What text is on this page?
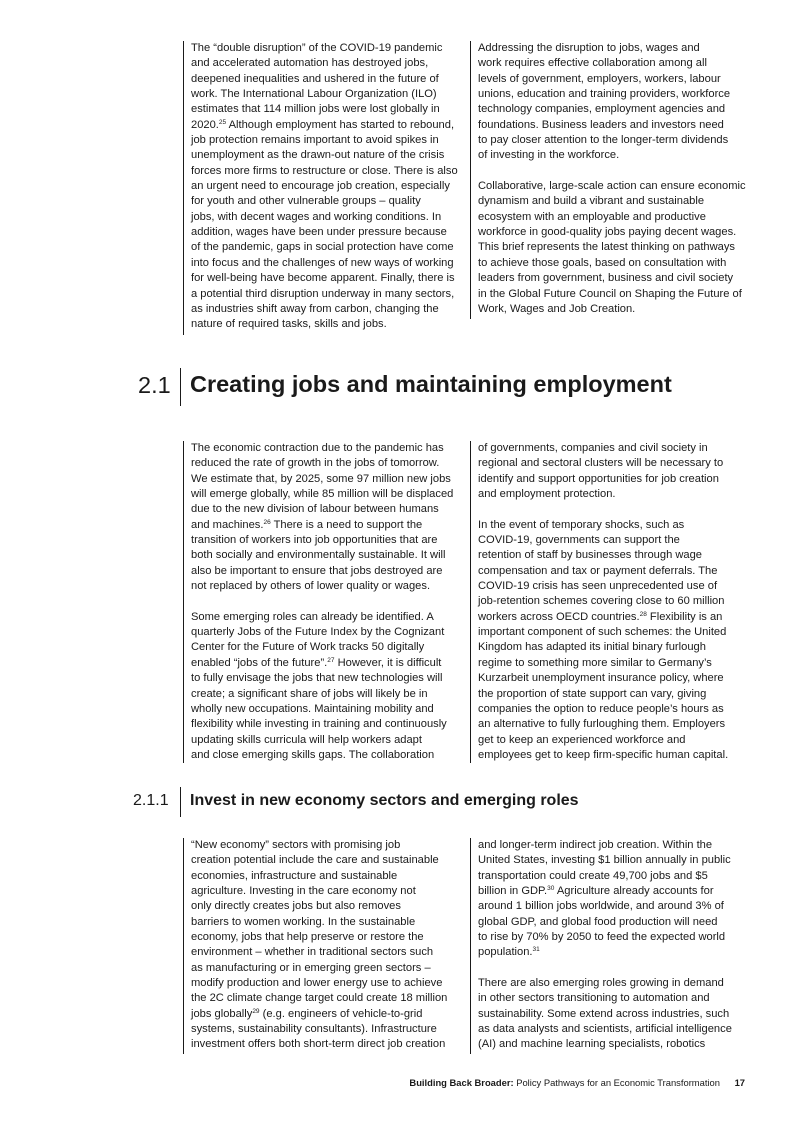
The “double disruption” of the COVID-19 pandemic
and accelerated automation has destroyed jobs,
deepened inequalities and ushered in the future of
work. The International Labour Organization (ILO)
estimates that 114 million jobs were lost globally in
2020.25 Although employment has started to rebound,
job protection remains important to avoid spikes in
unemployment as the drawn-out nature of the crisis
forces more firms to restructure or close. There is also
an urgent need to encourage job creation, especially
for youth and other vulnerable groups – quality
jobs, with decent wages and working conditions. In
addition, wages have been under pressure because
of the pandemic, gaps in social protection have come
into focus and the challenges of new ways of working
for well-being have become apparent. Finally, there is
a potential third disruption underway in many sectors,
as industries shift away from carbon, changing the
nature of required tasks, skills and jobs.
Addressing the disruption to jobs, wages and
work requires effective collaboration among all
levels of government, employers, workers, labour
unions, education and training providers, workforce
technology companies, employment agencies and
foundations. Business leaders and investors need
to pay closer attention to the longer-term dividends
of investing in the workforce.
Collaborative, large-scale action can ensure economic
dynamism and build a vibrant and sustainable
ecosystem with an employable and productive
workforce in good-quality jobs paying decent wages.
This brief represents the latest thinking on pathways
to achieve those goals, based on consultation with
leaders from government, business and civil society
in the Global Future Council on Shaping the Future of
Work, Wages and Job Creation.
2.1 Creating jobs and maintaining employment
The economic contraction due to the pandemic has
reduced the rate of growth in the jobs of tomorrow.
We estimate that, by 2025, some 97 million new jobs
will emerge globally, while 85 million will be displaced
due to the new division of labour between humans
and machines.$^{26}$ There is a need to support the
transition of workers into job opportunities that are
both socially and environmentally sustainable. It will
also be important to ensure that jobs destroyed are
not replaced by others of lower quality or wages.
Some emerging roles can already be identified. A
quarterly Jobs of the Future Index by the Cognizant
Center for the Future of Work tracks 50 digitally
enabled “jobs of the future”.$^{27}$ However, it is difficult
to fully envisage the jobs that new technologies will
create; a significant share of jobs will likely be in
wholly new occupations. Maintaining mobility and
flexibility while investing in training and continuously
updating skills curricula will help workers adapt
and close emerging skills gaps. The collaboration
of governments, companies and civil society in
regional and sectoral clusters will be necessary to
identify and support opportunities for job creation
and employment protection.
In the event of temporary shocks, such as
COVID-19, governments can support the
retention of staff by businesses through wage
compensation and tax or payment deferrals. The
COVID-19 crisis has seen unprecedented use of
job-retention schemes covering close to 60 million
workers across OECD countries.$^{28}$ Flexibility is an
important component of such schemes: the United
Kingdom has adapted its initial binary furlough
regime to something more similar to Germany’s
Kurzarbeit unemployment insurance policy, where
the proportion of state support can vary, giving
companies the option to reduce people’s hours as
an alternative to fully furloughing them. Employers
get to keep an experienced workforce and
employees get to keep firm-specific human capital.
2.1.1 Invest in new economy sectors and emerging roles
“New economy” sectors with promising job
creation potential include the care and sustainable
economies, infrastructure and sustainable
agriculture. Investing in the care economy not
only directly creates jobs but also removes
barriers to women working. In the sustainable
economy, jobs that help preserve or restore the
environment – whether in traditional sectors such
as manufacturing or in emerging green sectors –
modify production and lower energy use to achieve
the 2C climate change target could create 18 million
jobs globally$^{29}$ (e.g. engineers of vehicle-to-grid
systems, sustainability consultants). Infrastructure
investment offers both short-term direct job creation
and longer-term indirect job creation. Within the
United States, investing $1 billion annually in public
transportation could create 49,700 jobs and $5
billion in GDP.$^{30}$ Agriculture already accounts for
around 1 billion jobs worldwide, and around 3% of
global GDP, and global food production will need
to rise by 70% by 2050 to feed the expected world
population.$^{31}$
There are also emerging roles growing in demand
in other sectors transitioning to automation and
sustainability. Some extend across industries, such
as data analysts and scientists, artificial intelligence
(AI) and machine learning specialists, robotics
Building Back Broader: Policy Pathways for an Economic Transformation 17
